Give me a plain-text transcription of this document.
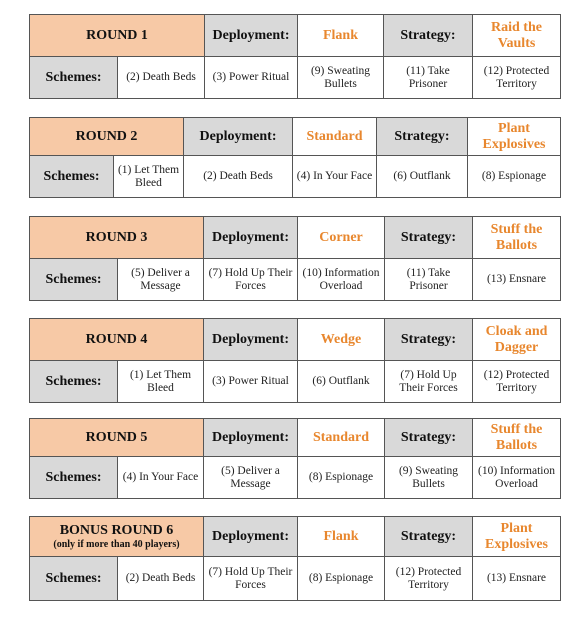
ROUND 1		Deployment:	Flank	Strategy:	Raid the Vaults
Schemes:	(2) Death Beds	(3) Power Ritual	(9) Sweating Bullets	(11) Take Prisoner	(12) Protected Territory
ROUND 2		Deployment:	Standard	Strategy:	Plant Explosives
Schemes:	(1) Let Them Bleed	(2) Death Beds	(4) In Your Face	(6) Outflank	(8) Espionage
ROUND 3		Deployment:	Corner	Strategy:	Stuff the Ballots
Schemes:	(5) Deliver a Message	(7) Hold Up Their Forces	(10) Information Overload	(11) Take Prisoner	(13) Ensnare
ROUND 4		Deployment:	Wedge	Strategy:	Cloak and Dagger
Schemes:	(1) Let Them Bleed	(3) Power Ritual	(6) Outflank	(7) Hold Up Their Forces	(12) Protected Territory
ROUND 5		Deployment:	Standard	Strategy:	Stuff the Ballots
Schemes:	(4) In Your Face	(5) Deliver a Message	(8) Espionage	(9) Sweating Bullets	(10) Information Overload
BONUS ROUND 6
(only if more than 40 players)		Deployment:	Flank	Strategy:	Plant Explosives
Schemes:	(2) Death Beds	(7) Hold Up Their Forces	(8) Espionage	(12) Protected Territory	(13) Ensnare
